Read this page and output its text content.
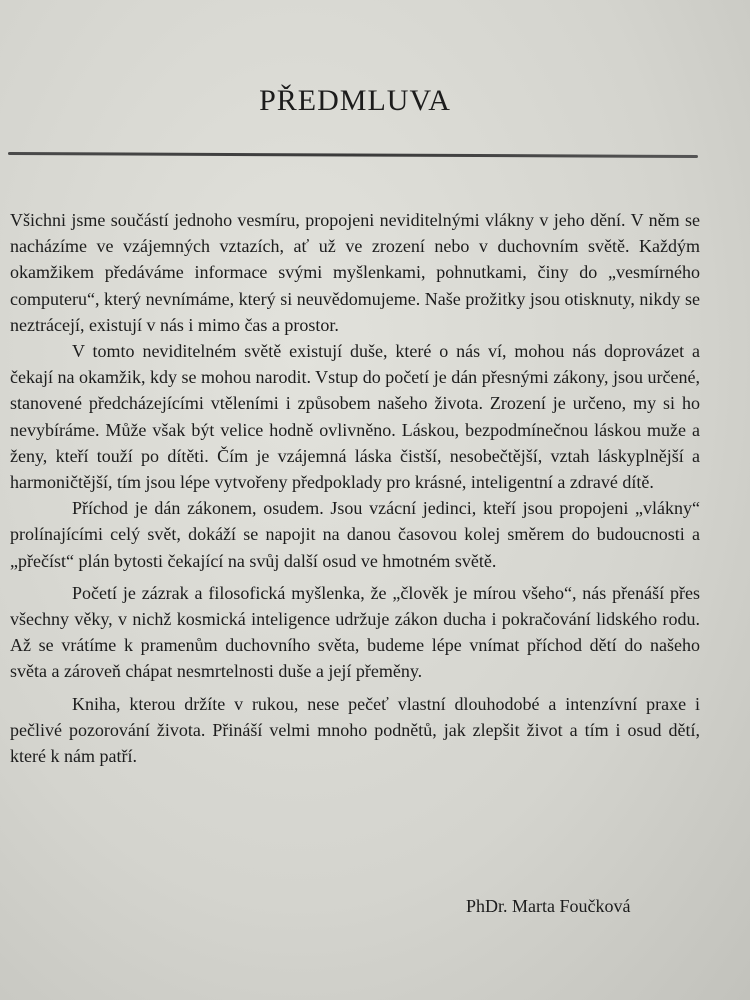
PŘEDMLUVA

Všichni jsme součástí jednoho vesmíru, propojeni neviditelnými vlákny v jeho dění. V něm se nacházíme ve vzájemných vztazích, ať už ve zrození nebo v duchovním světě. Každým okamžikem předáváme informace svými myšlenkami, pohnutkami, činy do „vesmírného computeru“, který nevnímáme, který si neuvědomujeme. Naše prožitky jsou otisknuty, nikdy se neztrácejí, existují v nás i mimo čas a prostor.

V tomto neviditelném světě existují duše, které o nás ví, mohou nás doprovázet a čekají na okamžik, kdy se mohou narodit. Vstup do početí je dán přesnými zákony, jsou určené, stanovené předcházejícími vtěleními i způsobem našeho života. Zrození je určeno, my si ho nevybíráme. Může však být velice hodně ovlivněno. Láskou, bezpodmínečnou láskou muže a ženy, kteří touží po dítěti. Čím je vzájemná láska čistší, nesobečtější, vztah láskyplnější a harmoničtější, tím jsou lépe vytvořeny předpoklady pro krásné, inteligentní a zdravé dítě.

Příchod je dán zákonem, osudem. Jsou vzácní jedinci, kteří jsou propojeni „vlákny“ prolínajícími celý svět, dokáží se napojit na danou časovou kolej směrem do budoucnosti a „přečíst“ plán bytosti čekající na svůj další osud ve hmotném světě.

Početí je zázrak a filosofická myšlenka, že „člověk je mírou všeho“, nás přenáší přes všechny věky, v nichž kosmická inteligence udržuje zákon ducha i pokračování lidského rodu. Až se vrátíme k pramenům duchovního světa, budeme lépe vnímat příchod dětí do našeho světa a zároveň chápat nesmrtelnosti duše a její přeměny.

Kniha, kterou držíte v rukou, nese pečeť vlastní dlouhodobé a intenzívní praxe i pečlivé pozorování života. Přináší velmi mnoho podnětů, jak zlepšit život a tím i osud dětí, které k nám patří.

PhDr. Marta Foučková
